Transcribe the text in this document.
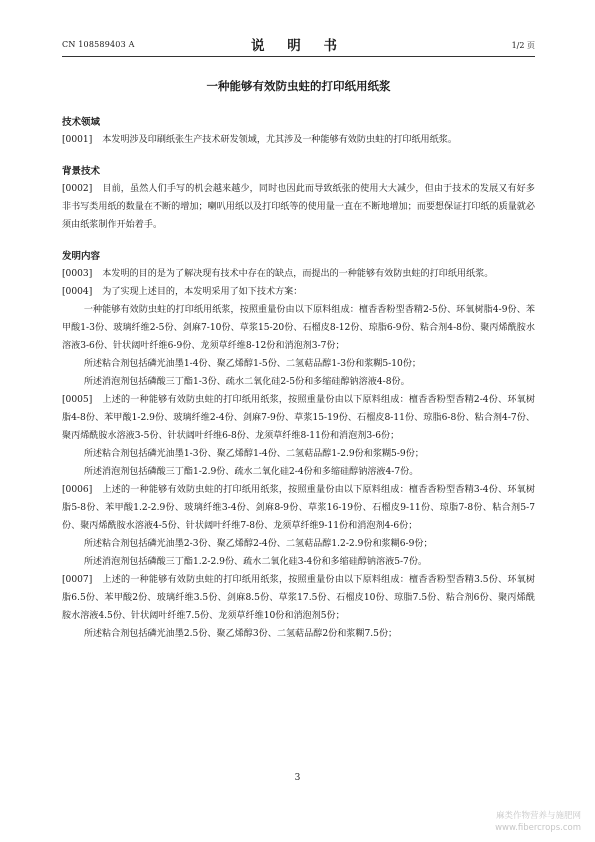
CN 108589403 A	说 明 书	1/2 页
一种能够有效防虫蛀的打印纸用纸浆
技术领域

[0001] 本发明涉及印刷纸张生产技术研发领域，尤其涉及一种能够有效防虫蛀的打印纸用纸浆。

背景技术

[0002] 目前，虽然人们手写的机会越来越少，同时也因此而导致纸张的使用大大减少，但由于技术的发展又有好多非书写类用纸的数量在不断的增加；喇叭用纸以及打印纸等的使用量一直在不断地增加；而要想保证打印纸的质量就必须由纸浆制作开始着手。

发明内容

[0003] 本发明的目的是为了解决现有技术中存在的缺点，而提出的一种能够有效防虫蛀的打印纸用纸浆。

[0004] 为了实现上述目的，本发明采用了如下技术方案：

一种能够有效防虫蛀的打印纸用纸浆，按照重量份由以下原料组成：檀香香粉型香精2-5份、环氧树脂4-9份、苯甲酸1-3份、玻璃纤维2-5份、剑麻7-10份、草浆15-20份、石榴皮8-12份、琼脂6-9份、粘合剂4-8份、聚丙烯酰胺水溶液3-6份、针状阔叶纤维6-9份、龙须草纤维8-12份和消泡剂3-7份；

所述粘合剂包括磷光油墨1-4份、聚乙烯醇1-5份、二氢萜品醇1-3份和浆糊5-10份；

所述消泡剂包括磷酸三丁酯1-3份、疏水二氧化硅2-5份和多缩硅醇钠溶液4-8份。

[0005] 上述的一种能够有效防虫蛀的打印纸用纸浆，按照重量份由以下原料组成：檀香香粉型香精2-4份、环氧树脂4-8份、苯甲酸1-2.9份、玻璃纤维2-4份、剑麻7-9份、草浆15-19份、石榴皮8-11份、琼脂6-8份、粘合剂4-7份、聚丙烯酰胺水溶液3-5份、针状阔叶纤维6-8份、龙须草纤维8-11份和消泡剂3-6份；

所述粘合剂包括磷光油墨1-3份、聚乙烯醇1-4份、二氢萜品醇1-2.9份和浆糊5-9份；

所述消泡剂包括磷酸三丁酯1-2.9份、疏水二氧化硅2-4份和多缩硅醇钠溶液4-7份。

[0006] 上述的一种能够有效防虫蛀的打印纸用纸浆，按照重量份由以下原料组成：檀香香粉型香精3-4份、环氧树脂5-8份、苯甲酸1.2-2.9份、玻璃纤维3-4份、剑麻8-9份、草浆16-19份、石榴皮9-11份、琼脂7-8份、粘合剂5-7份、聚丙烯酰胺水溶液4-5份、针状阔叶纤维7-8份、龙须草纤维9-11份和消泡剂4-6份；

所述粘合剂包括磷光油墨2-3份、聚乙烯醇2-4份、二氢萜品醇1.2-2.9份和浆糊6-9份；

所述消泡剂包括磷酸三丁酯1.2-2.9份、疏水二氧化硅3-4份和多缩硅醇钠溶液5-7份。

[0007] 上述的一种能够有效防虫蛀的打印纸用纸浆，按照重量份由以下原料组成：檀香香粉型香精3.5份、环氧树脂6.5份、苯甲酸2份、玻璃纤维3.5份、剑麻8.5份、草浆17.5份、石榴皮10份、琼脂7.5份、粘合剂6份、聚丙烯酰胺水溶液4.5份、针状阔叶纤维7.5份、龙须草纤维10份和消泡剂5份；

所述粘合剂包括磷光油墨2.5份、聚乙烯醇3份、二氢萜品醇2份和浆糊7.5份；

3
麻类作物营养与施肥网
www.fibercrops.com
